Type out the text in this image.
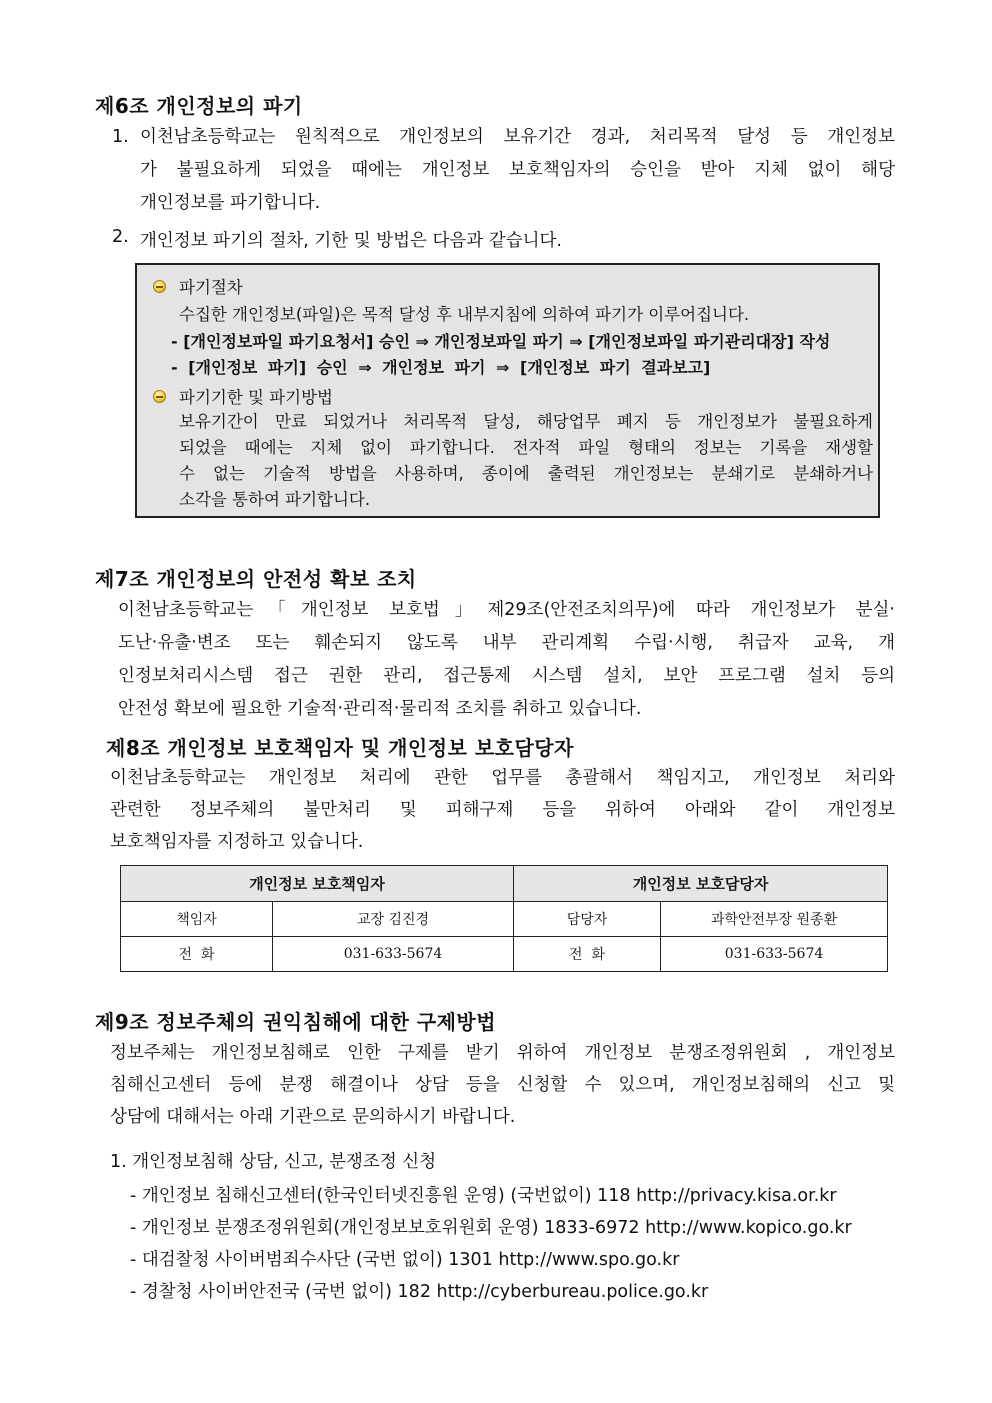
제6조 개인정보의 파기
1. 이천남초등학교는 원칙적으로 개인정보의 보유기간 경과, 처리목적 달성 등 개인정보
가 불필요하게 되었을 때에는 개인정보 보호책임자의 승인을 받아 지체 없이 해당
개인정보를 파기합니다.
2. 개인정보 파기의 절차, 기한 및 방법은 다음과 같습니다.
파기절차
수집한 개인정보(파일)은 목적 달성 후 내부지침에 의하여 파기가 이루어집니다.
- [개인정보파일 파기요청서] 승인 ⇒ 개인정보파일 파기 ⇒ [개인정보파일 파기관리대장] 작성
- [개인정보 파기] 승인 ⇒ 개인정보 파기 ⇒ [개인정보 파기 결과보고]
파기기한 및 파기방법
보유기간이 만료 되었거나 처리목적 달성, 해당업무 폐지 등 개인정보가 불필요하게
되었을 때에는 지체 없이 파기합니다. 전자적 파일 형태의 정보는 기록을 재생할
수 없는 기술적 방법을 사용하며, 종이에 출력된 개인정보는 분쇄기로 분쇄하거나
소각을 통하여 파기합니다.
제7조 개인정보의 안전성 확보 조치
이천남초등학교는「개인정보 보호법」제29조(안전조치의무)에 따라 개인정보가 분실‧
도난‧유출‧변조 또는 훼손되지 않도록 내부 관리계획 수립‧시행, 취급자 교육, 개
인정보처리시스템 접근 권한 관리, 접근통제 시스템 설치, 보안 프로그램 설치 등의
안전성 확보에 필요한 기술적‧관리적‧물리적 조치를 취하고 있습니다.
제8조 개인정보 보호책임자 및 개인정보 보호담당자
이천남초등학교는 개인정보 처리에 관한 업무를 총괄해서 책임지고, 개인정보 처리와
관련한 정보주체의 불만처리 및 피해구제 등을 위하여 아래와 같이 개인정보
보호책임자를 지정하고 있습니다.
개인정보 보호책임자		개인정보 보호담당자	
책임자	교장 김진경	담당자	과학안전부장 원종환
전  화	031-633-5674	전  화	031-633-5674
제9조 정보주체의 권익침해에 대한 구제방법
정보주체는 개인정보침해로 인한 구제를 받기 위하여 개인정보 분쟁조정위원회 , 개인정보
침해신고센터 등에 분쟁 해결이나 상담 등을 신청할 수 있으며, 개인정보침해의 신고 및
상담에 대해서는 아래 기관으로 문의하시기 바랍니다.
1. 개인정보침해 상담, 신고, 분쟁조정 신청
- 개인정보 침해신고센터(한국인터넷진흥원 운영) (국번없이) 118 http://privacy.kisa.or.kr
- 개인정보 분쟁조정위원회(개인정보보호위원회 운영) 1833-6972 http://www.kopico.go.kr
- 대검찰청 사이버범죄수사단 (국번 없이) 1301 http://www.spo.go.kr
- 경찰청 사이버안전국 (국번 없이) 182 http://cyberbureau.police.go.kr
